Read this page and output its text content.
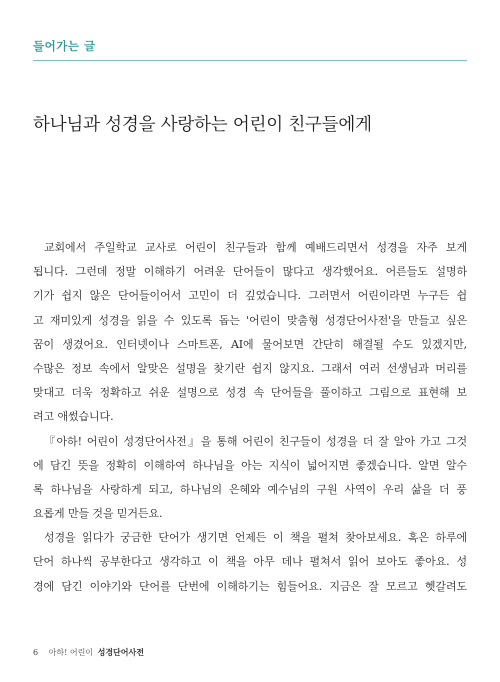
들어가는 글
하나님과 성경을 사랑하는 어린이 친구들에게
교회에서 주일학교 교사로 어린이 친구들과 함께 예배드리면서 성경을 자주 보게
됩니다. 그런데 정말 이해하기 어려운 단어들이 많다고 생각했어요. 어른들도 설명하
기가 쉽지 않은 단어들이어서 고민이 더 깊었습니다. 그러면서 어린이라면 누구든 쉽
고 재미있게 성경을 읽을 수 있도록 돕는 '어린이 맞춤형 성경단어사전'을 만들고 싶은
꿈이 생겼어요. 인터넷이나 스마트폰, AI에 물어보면 간단히 해결될 수도 있겠지만,
수많은 정보 속에서 알맞은 설명을 찾기란 쉽지 않지요. 그래서 여러 선생님과 머리를
맞대고 더욱 정확하고 쉬운 설명으로 성경 속 단어들을 풀이하고 그림으로 표현해 보
려고 애썼습니다.
『아하! 어린이 성경단어사전』을 통해 어린이 친구들이 성경을 더 잘 알아 가고 그것
에 담긴 뜻을 정확히 이해하여 하나님을 아는 지식이 넓어지면 좋겠습니다. 알면 알수
록 하나님을 사랑하게 되고, 하나님의 은혜와 예수님의 구원 사역이 우리 삶을 더 풍
요롭게 만들 것을 믿거든요.
성경을 읽다가 궁금한 단어가 생기면 언제든 이 책을 펼쳐 찾아보세요. 혹은 하루에
단어 하나씩 공부한다고 생각하고 이 책을 아무 데나 펼쳐서 읽어 보아도 좋아요. 성
경에 담긴 이야기와 단어를 단번에 이해하기는 힘들어요. 지금은 잘 모르고 헷갈려도
6 아하! 어린이 성경단어사전
